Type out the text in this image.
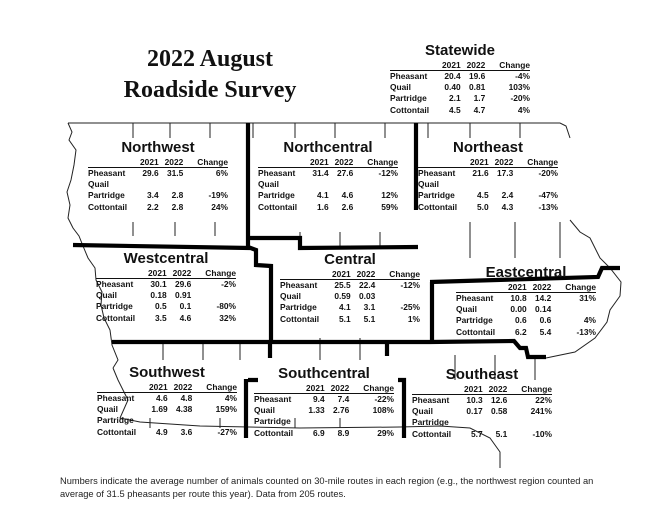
2022 August
Roadside Survey
Statewide
	2021	2022	Change
Pheasant	20.4	19.6	-4%
Quail	0.40	0.81	103%
Partridge	2.1	1.7	-20%
Cottontail	4.5	4.7	4%
Northwest
	2021	2022	Change
Pheasant	29.6	31.5	6%
Quail			
Partridge	3.4	2.8	-19%
Cottontail	2.2	2.8	24%
Northcentral
	2021	2022	Change
Pheasant	31.4	27.6	-12%
Quail			
Partridge	4.1	4.6	12%
Cottontail	1.6	2.6	59%
Northeast
	2021	2022	Change
Pheasant	21.6	17.3	-20%
Quail			
Partridge	4.5	2.4	-47%
Cottontail	5.0	4.3	-13%
Westcentral
	2021	2022	Change
Pheasant	30.1	29.6	-2%
Quail	0.18	0.91	
Partridge	0.5	0.1	-80%
Cottontail	3.5	4.6	32%
Central
	2021	2022	Change
Pheasant	25.5	22.4	-12%
Quail	0.59	0.03	
Partridge	4.1	3.1	-25%
Cottontail	5.1	5.1	1%
Eastcentral
	2021	2022	Change
Pheasant	10.8	14.2	31%
Quail	0.00	0.14	
Partridge	0.6	0.6	4%
Cottontail	6.2	5.4	-13%
Southwest
	2021	2022	Change
Pheasant	4.6	4.8	4%
Quail	1.69	4.38	159%
Partridge			
Cottontail	4.9	3.6	-27%
Southcentral
	2021	2022	Change
Pheasant	9.4	7.4	-22%
Quail	1.33	2.76	108%
Partridge			
Cottontail	6.9	8.9	29%
Southeast
	2021	2022	Change
Pheasant	10.3	12.6	22%
Quail	0.17	0.58	241%
Partridge			
Cottontail	5.7	5.1	-10%
Numbers indicate the average number of animals counted on 30-mile routes in each region (e.g., the northwest region counted an average of 31.5 pheasants per route this year). Data from 205 routes.
